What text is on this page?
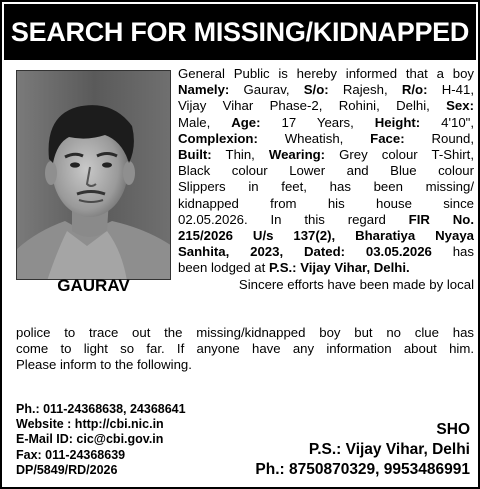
SEARCH FOR MISSING/KIDNAPPED
GAURAV
General Public is hereby informed that a boy
Namely: Gaurav, S/o: Rajesh, R/o: H-41,
Vijay Vihar Phase-2, Rohini, Delhi, Sex:
Male, Age: 17 Years, Height: 4'10",
Complexion: Wheatish, Face: Round,
Built: Thin, Wearing: Grey colour T-Shirt,
Black colour Lower and Blue colour
Slippers in feet, has been missing/
kidnapped from his house since
02.05.2026. In this regard FIR No.
215/2026 U/s 137(2), Bharatiya Nyaya
Sanhita, 2023, Dated: 03.05.2026 has
been lodged at P.S.: Vijay Vihar, Delhi.
Sincere efforts have been made by local
police to trace out the missing/kidnapped boy but no clue has
come to light so far. If anyone have any information about him.
Please inform to the following.
Ph.: 011-24368638, 24368641
Website : http://cbi.nic.in
E-Mail ID: cic@cbi.gov.in
Fax: 011-24368639
DP/5849/RD/2026
SHO
P.S.: Vijay Vihar, Delhi
Ph.: 8750870329, 9953486991
